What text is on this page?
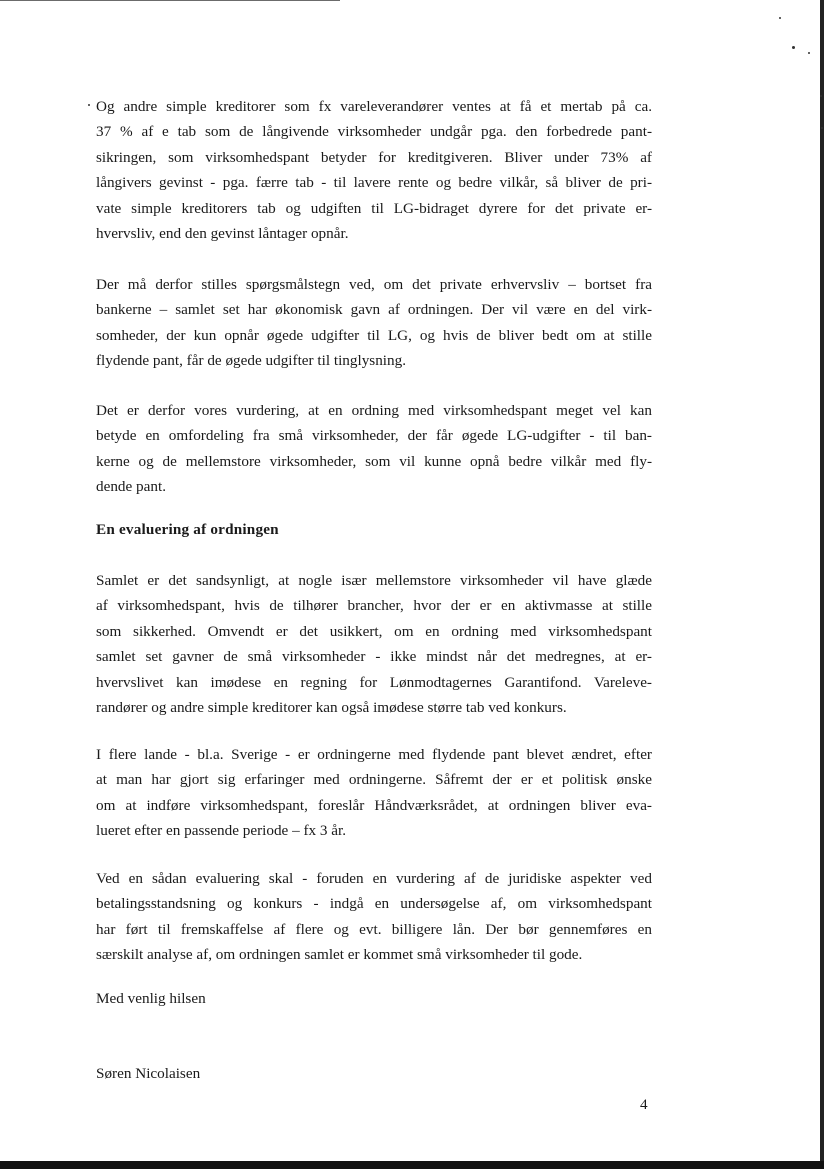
Og andre simple kreditorer som fx vareleverandører ventes at få et mertab på ca.
37 % af e tab som de långivende virksomheder undgår pga. den forbedrede pant-
sikringen, som virksomhedspant betyder for kreditgiveren. Bliver under 73% af
långivers gevinst - pga. færre tab - til lavere rente og bedre vilkår, så bliver de pri-
vate simple kreditorers tab og udgiften til LG-bidraget dyrere for det private er-
hvervsliv, end den gevinst låntager opnår.
Der må derfor stilles spørgsmålstegn ved, om det private erhvervsliv – bortset fra
bankerne – samlet set har økonomisk gavn af ordningen. Der vil være en del virk-
somheder, der kun opnår øgede udgifter til LG, og hvis de bliver bedt om at stille
flydende pant, får de øgede udgifter til tinglysning.
Det er derfor vores vurdering, at en ordning med virksomhedspant meget vel kan
betyde en omfordeling fra små virksomheder, der får øgede LG-udgifter - til ban-
kerne og de mellemstore virksomheder, som vil kunne opnå bedre vilkår med fly-
dende pant.
En evaluering af ordningen
Samlet er det sandsynligt, at nogle især mellemstore virksomheder vil have glæde
af virksomhedspant, hvis de tilhører brancher, hvor der er en aktivmasse at stille
som sikkerhed. Omvendt er det usikkert, om en ordning med virksomhedspant
samlet set gavner de små virksomheder - ikke mindst når det medregnes, at er-
hvervslivet kan imødese en regning for Lønmodtagernes Garantifond. Vareleve-
randører og andre simple kreditorer kan også imødese større tab ved konkurs.
I flere lande - bl.a. Sverige - er ordningerne med flydende pant blevet ændret, efter
at man har gjort sig erfaringer med ordningerne. Såfremt der er et politisk ønske
om at indføre virksomhedspant, foreslår Håndværksrådet, at ordningen bliver eva-
lueret efter en passende periode – fx 3 år.
Ved en sådan evaluering skal - foruden en vurdering af de juridiske aspekter ved
betalingsstandsning og konkurs - indgå en undersøgelse af, om virksomhedspant
har ført til fremskaffelse af flere og evt. billigere lån. Der bør gennemføres en
særskilt analyse af, om ordningen samlet er kommet små virksomheder til gode.
Med venlig hilsen
Søren Nicolaisen
4
